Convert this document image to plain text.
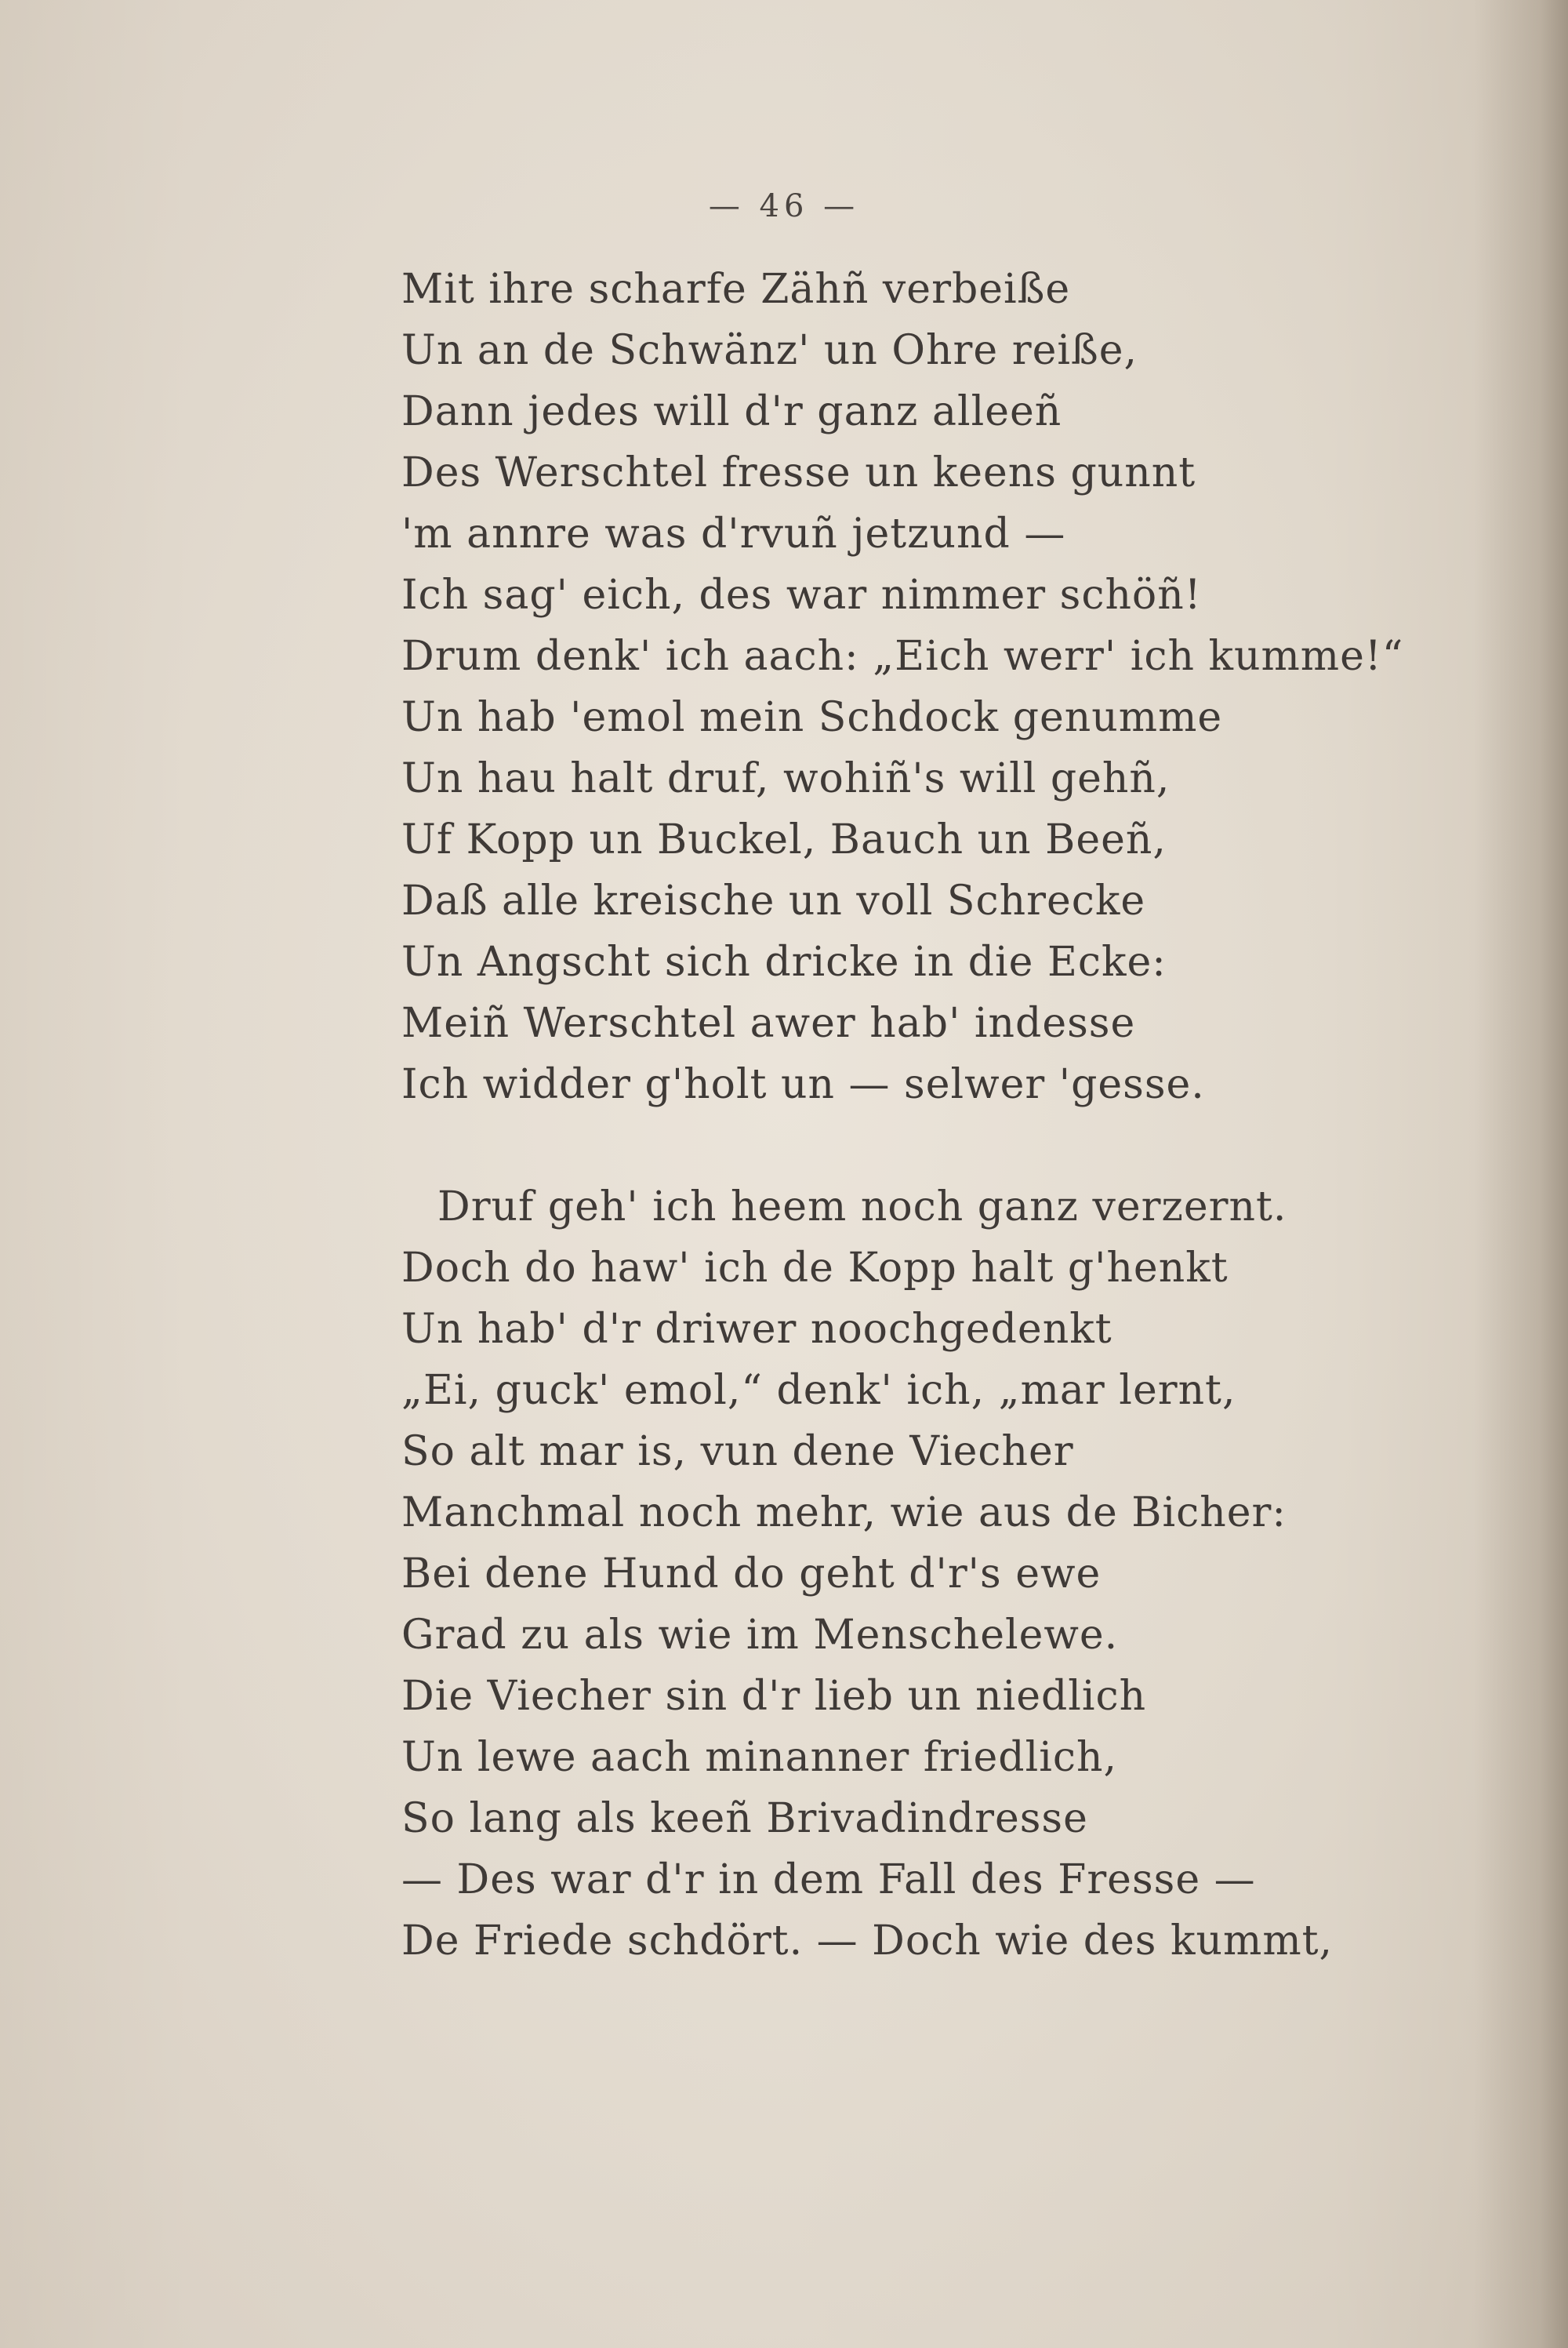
— 46 —
Mit ihre scharfe Zähñ verbeiße
Un an de Schwänz' un Ohre reiße,
Dann jedes will d'r ganz alleeñ
Des Werschtel fresse un keens gunnt
'm annre was d'rvuñ jetzund —
Ich sag' eich, des war nimmer schöñ!
Drum denk' ich aach: „Eich werr' ich kumme!“
Un hab 'emol mein Schdock genumme
Un hau halt druf, wohiñ's will gehñ,
Uf Kopp un Buckel, Bauch un Beeñ,
Daß alle kreische un voll Schrecke
Un Angscht sich dricke in die Ecke:
Meiñ Werschtel awer hab' indesse
Ich widder g'holt un — selwer 'gesse.
Druf geh' ich heem noch ganz verzernt.
Doch do haw' ich de Kopp halt g'henkt
Un hab' d'r driwer noochgedenkt
„Ei, guck' emol,“ denk' ich, „mar lernt,
So alt mar is, vun dene Viecher
Manchmal noch mehr, wie aus de Bicher:
Bei dene Hund do geht d'r's ewe
Grad zu als wie im Menschelewe.
Die Viecher sin d'r lieb un niedlich
Un lewe aach minanner friedlich,
So lang als keeñ Brivadindresse
— Des war d'r in dem Fall des Fresse —
De Friede schdört. — Doch wie des kummt,
